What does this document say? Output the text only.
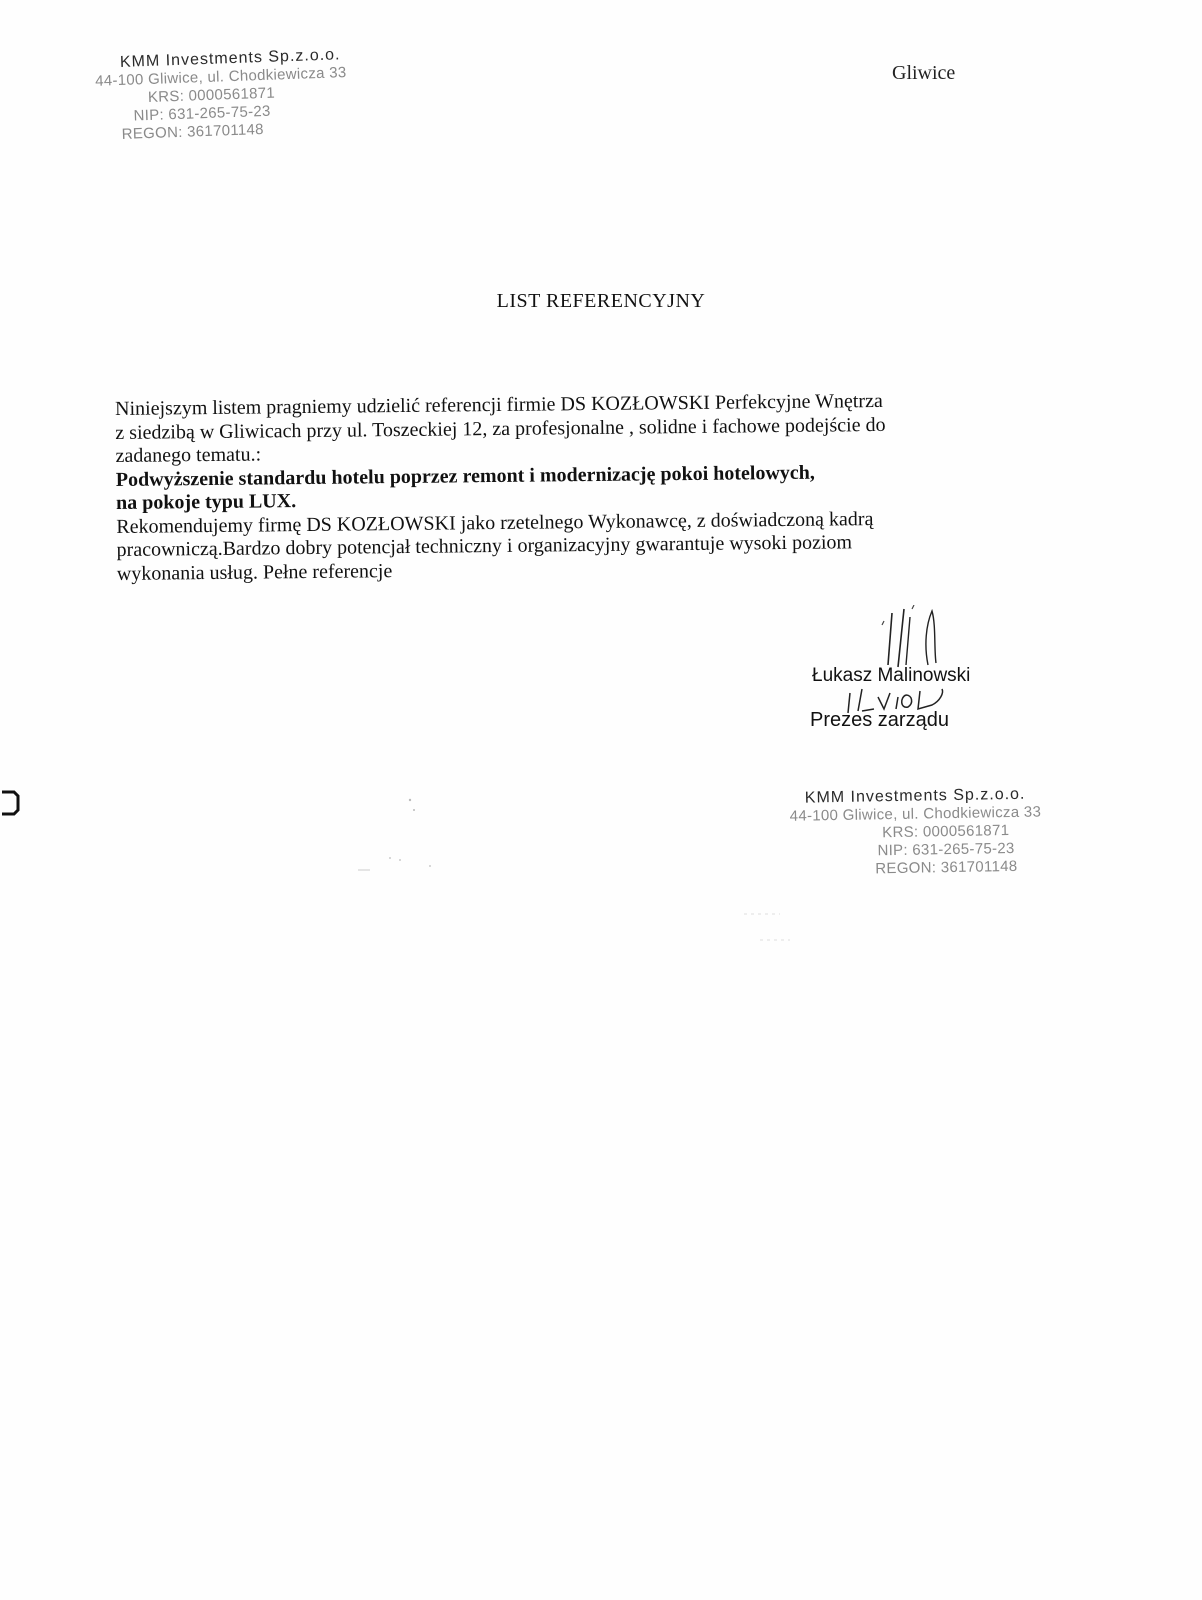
KMM Investments Sp.z.o.o.
44-100 Gliwice, ul. Chodkiewicza 33
KRS: 0000561871
NIP: 631-265-75-23
REGON: 361701148
Gliwice
LIST REFERENCYJNY
Niniejszym listem pragniemy udzielić referencji firmie DS KOZŁOWSKI Perfekcyjne Wnętrza
z siedzibą w Gliwicach przy ul. Toszeckiej 12, za profesjonalne , solidne i fachowe podejście do
zadanego tematu.:
Podwyższenie standardu hotelu poprzez remont i modernizację pokoi hotelowych,
na pokoje typu LUX.
Rekomendujemy firmę DS KOZŁOWSKI jako rzetelnego Wykonawcę, z doświadczoną kadrą
pracowniczą.Bardzo dobry potencjał techniczny i organizacyjny gwarantuje wysoki poziom
wykonania usług. Pełne referencje
Łukasz Malinowski
Prezes zarządu
KMM Investments Sp.z.o.o.
44-100 Gliwice, ul. Chodkiewicza 33
KRS: 0000561871
NIP: 631-265-75-23
REGON: 361701148
